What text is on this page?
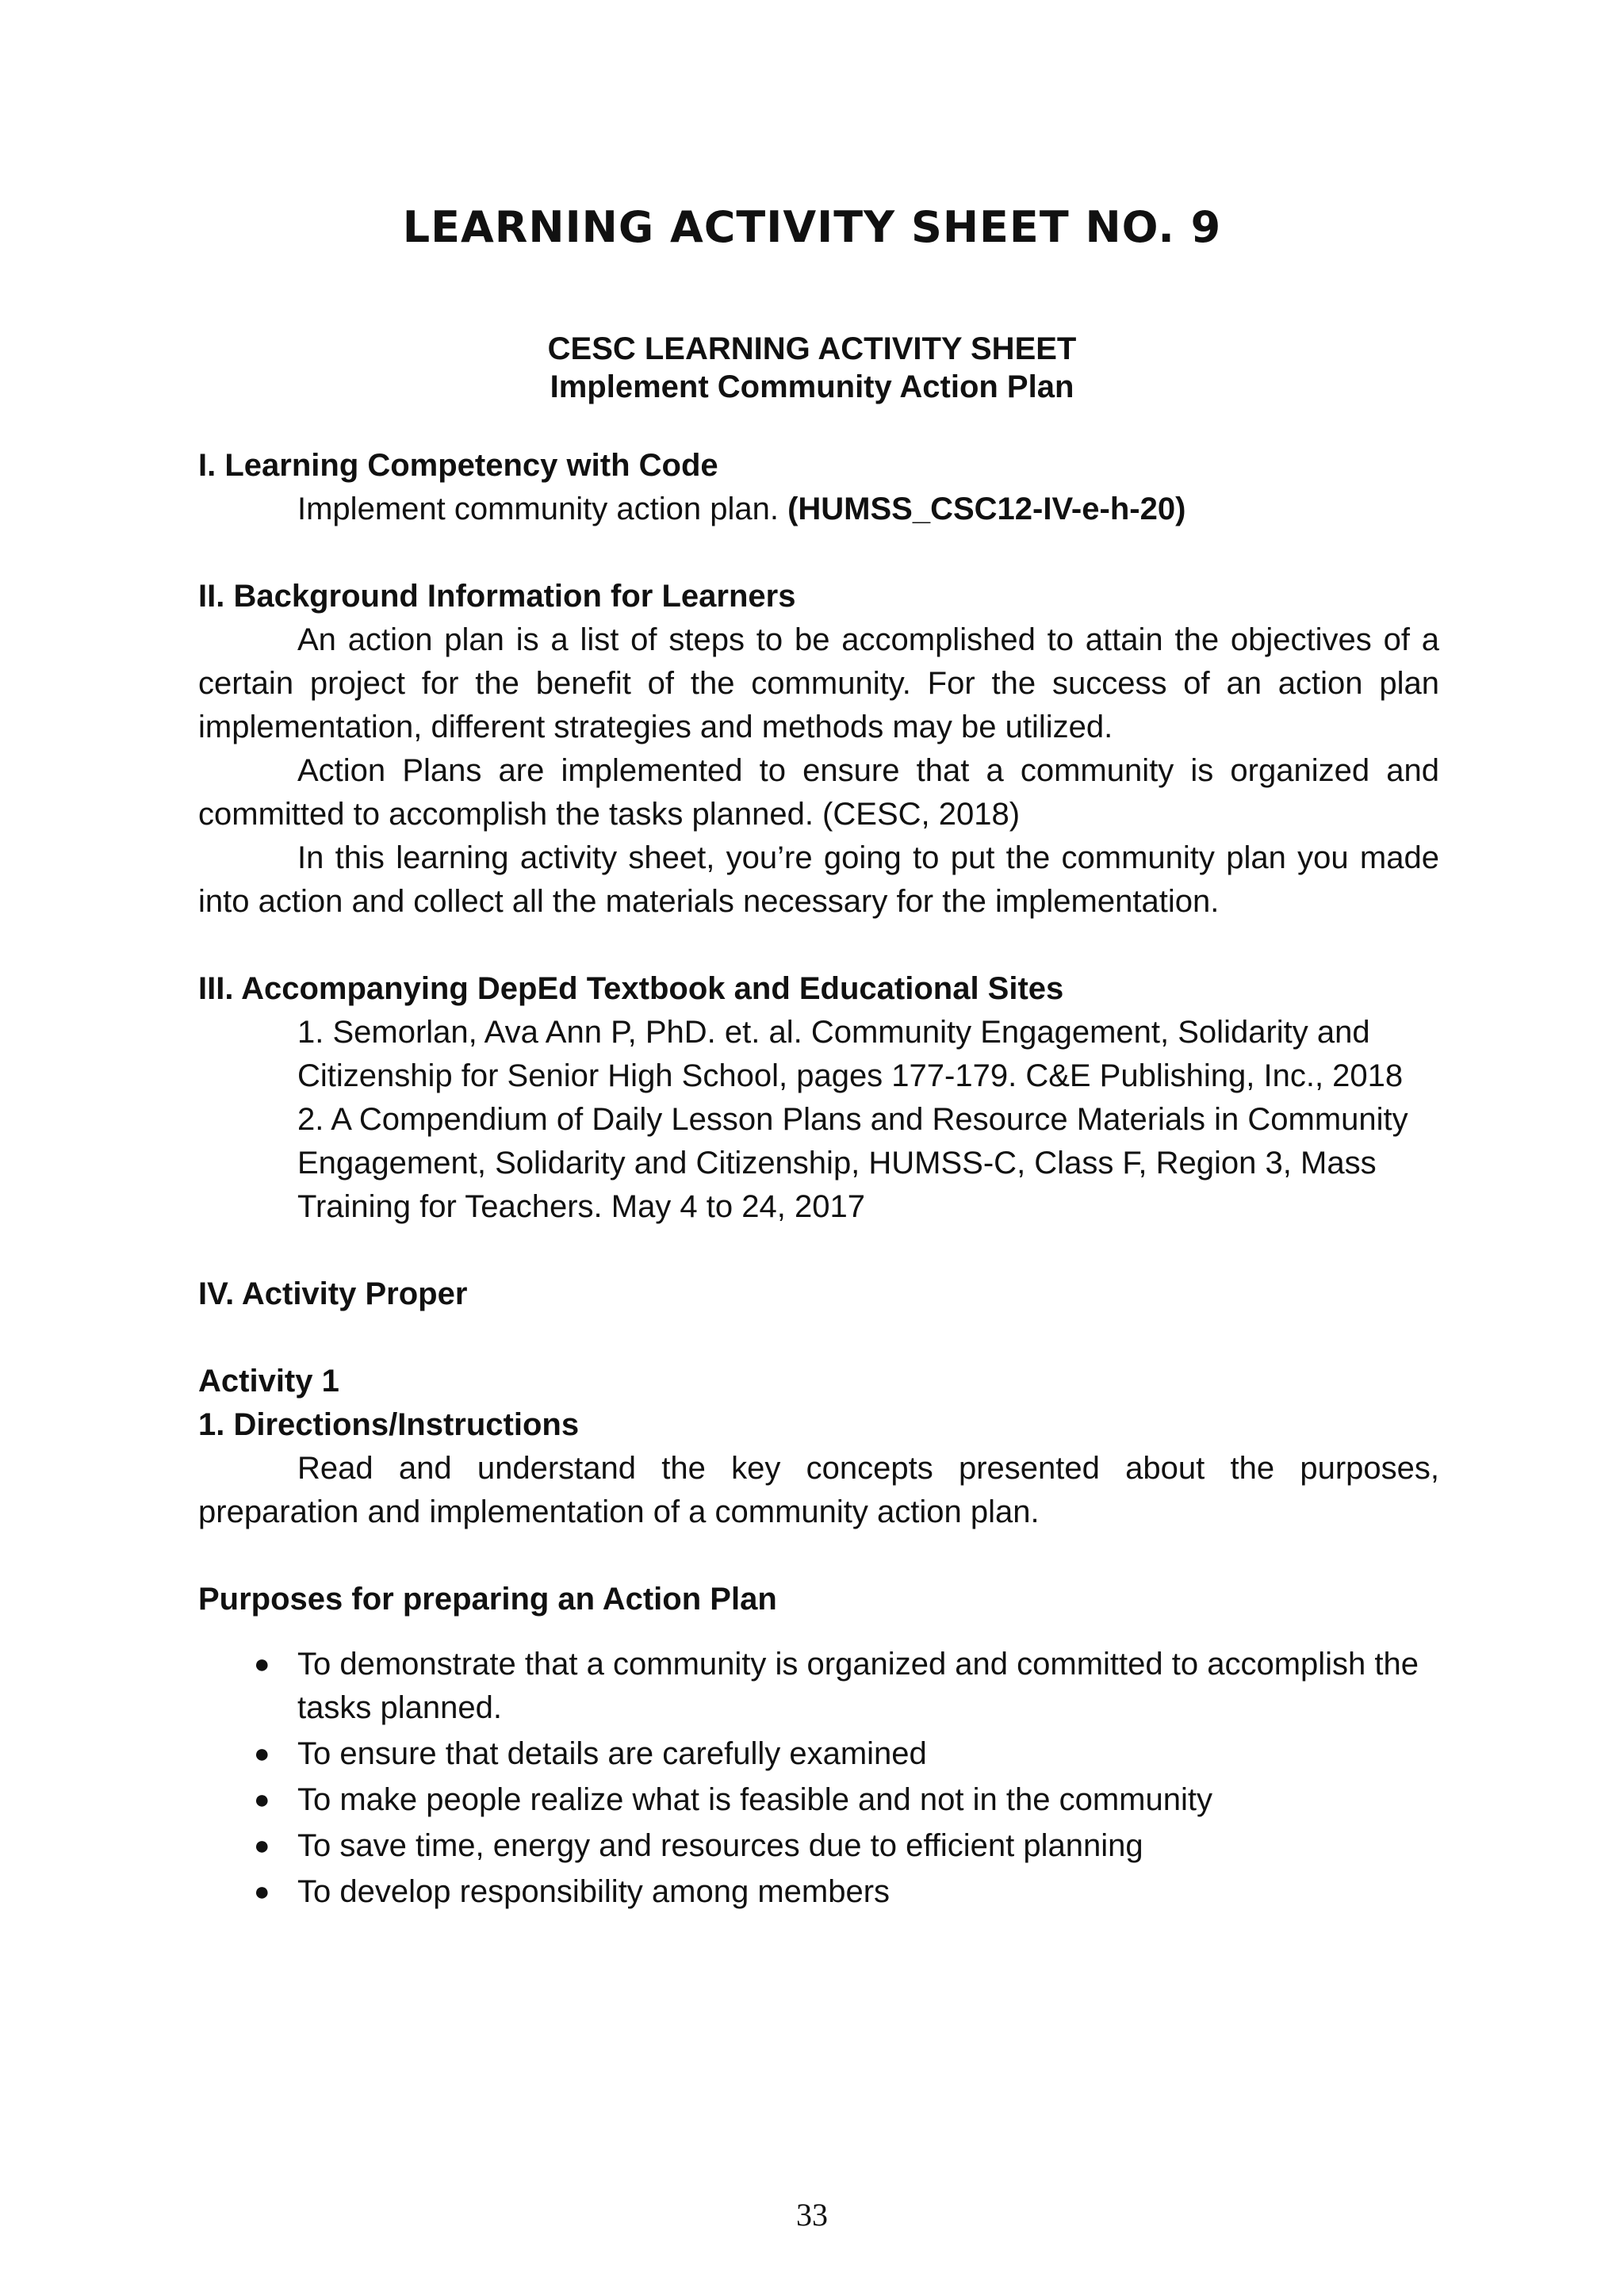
LEARNING ACTIVITY SHEET NO. 9

CESC LEARNING ACTIVITY SHEET

Implement Community Action Plan

I. Learning Competency with Code

Implement community action plan. (HUMSS_CSC12-IV-e-h-20)

II. Background Information for Learners

An action plan is a list of steps to be accomplished to attain the objectives of a certain project for the benefit of the community. For the success of an action plan implementation, different strategies and methods may be utilized.

Action Plans are implemented to ensure that a community is organized and committed to accomplish the tasks planned. (CESC, 2018)

In this learning activity sheet, you’re going to put the community plan you made into action and collect all the materials necessary for the implementation.

III. Accompanying DepEd Textbook and Educational Sites

1. Semorlan, Ava Ann P, PhD. et. al. Community Engagement, Solidarity and Citizenship for Senior High School, pages 177-179. C&E Publishing, Inc., 2018

2. A Compendium of Daily Lesson Plans and Resource Materials in Community Engagement, Solidarity and Citizenship, HUMSS-C, Class F, Region 3, Mass Training for Teachers. May 4 to 24, 2017

IV. Activity Proper

Activity 1

1. Directions/Instructions

Read and understand the key concepts presented about the purposes, preparation and implementation of a community action plan.

Purposes for preparing an Action Plan

● To demonstrate that a community is organized and committed to accomplish the tasks planned.
● To ensure that details are carefully examined
● To make people realize what is feasible and not in the community
● To save time, energy and resources due to efficient planning
● To develop responsibility among members
33
